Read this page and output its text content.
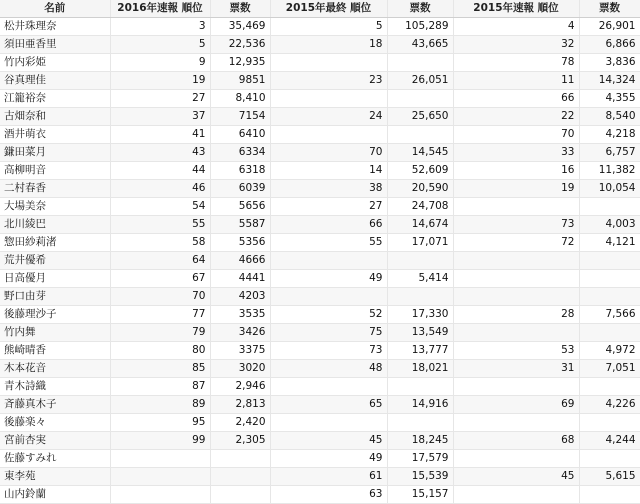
名前	2016年速報 順位	票数	2015年最終 順位	票数	2015年速報 順位	票数
松井珠理奈	3	35,469	5	105,289	4	26,901
須田亜香里	5	22,536	18	43,665	32	6,866
竹内彩姫	9	12,935			78	3,836
谷真理佳	19	9851	23	26,051	11	14,324
江籠裕奈	27	8,410			66	4,355
古畑奈和	37	7154	24	25,650	22	8,540
酒井萌衣	41	6410			70	4,218
鎌田菜月	43	6334	70	14,545	33	6,757
高柳明音	44	6318	14	52,609	16	11,382
二村春香	46	6039	38	20,590	19	10,054
大場美奈	54	5656	27	24,708		
北川綾巴	55	5587	66	14,674	73	4,003
惣田紗莉渚	58	5356	55	17,071	72	4,121
荒井優希	64	4666				
日高優月	67	4441	49	5,414		
野口由芽	70	4203				
後藤理沙子	77	3535	52	17,330	28	7,566
竹内舞	79	3426	75	13,549		
熊崎晴香	80	3375	73	13,777	53	4,972
木本花音	85	3020	48	18,021	31	7,051
青木詩織	87	2,946				
斉藤真木子	89	2,813	65	14,916	69	4,226
後藤楽々	95	2,420				
宮前杏実	99	2,305	45	18,245	68	4,244
佐藤すみれ			49	17,579		
東李苑			61	15,539	45	5,615
山内鈴蘭			63	15,157		
